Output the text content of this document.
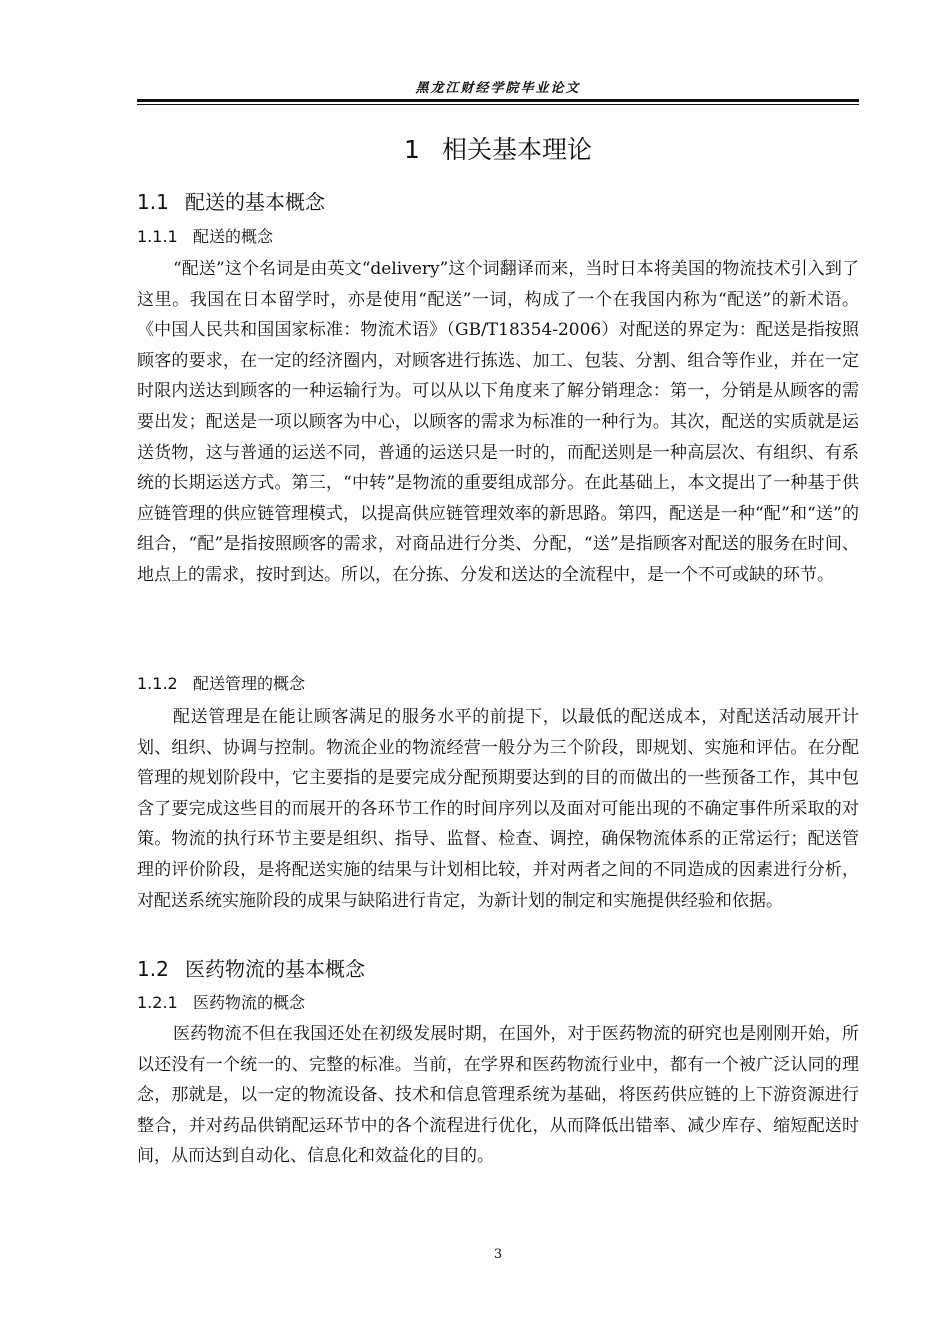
黑龙江财经学院毕业论文
1 相关基本理论
1.1 配送的基本概念
1.1.1 配送的概念

“配送”这个名词是由英文“delivery”这个词翻译而来，当时日本将美国的物流技术引入到了这里。我国在日本留学时，亦是使用“配送”一词，构成了一个在我国内称为“配送”的新术语。《中国人民共和国国家标准：物流术语》（GB/T18354-2006）对配送的界定为：配送是指按照顾客的要求，在一定的经济圈内，对顾客进行拣选、加工、包装、分割、组合等作业，并在一定时限内送达到顾客的一种运输行为。可以从以下角度来了解分销理念：第一，分销是从顾客的需要出发；配送是一项以顾客为中心，以顾客的需求为标准的一种行为。其次，配送的实质就是运送货物，这与普通的运送不同，普通的运送只是一时的，而配送则是一种高层次、有组织、有系统的长期运送方式。第三，“中转”是物流的重要组成部分。在此基础上，本文提出了一种基于供应链管理的供应链管理模式，以提高供应链管理效率的新思路。第四，配送是一种“配”和“送”的组合，“配”是指按照顾客的需求，对商品进行分类、分配，“送”是指顾客对配送的服务在时间、地点上的需求，按时到达。所以，在分拣、分发和送达的全流程中，是一个不可或缺的环节。

1.1.2 配送管理的概念

配送管理是在能让顾客满足的服务水平的前提下，以最低的配送成本，对配送活动展开计划、组织、协调与控制。物流企业的物流经营一般分为三个阶段，即规划、实施和评估。在分配管理的规划阶段中，它主要指的是要完成分配预期要达到的目的而做出的一些预备工作，其中包含了要完成这些目的而展开的各环节工作的时间序列以及面对可能出现的不确定事件所采取的对策。物流的执行环节主要是组织、指导、监督、检查、调控，确保物流体系的正常运行；配送管理的评价阶段，是将配送实施的结果与计划相比较，并对两者之间的不同造成的因素进行分析，对配送系统实施阶段的成果与缺陷进行肯定，为新计划的制定和实施提供经验和依据。

1.2 医药物流的基本概念
1.2.1 医药物流的概念

医药物流不但在我国还处在初级发展时期，在国外，对于医药物流的研究也是刚刚开始，所以还没有一个统一的、完整的标准。当前，在学界和医药物流行业中，都有一个被广泛认同的理念，那就是，以一定的物流设备、技术和信息管理系统为基础，将医药供应链的上下游资源进行整合，并对药品供销配运环节中的各个流程进行优化，从而降低出错率、减少库存、缩短配送时间，从而达到自动化、信息化和效益化的目的。

3
